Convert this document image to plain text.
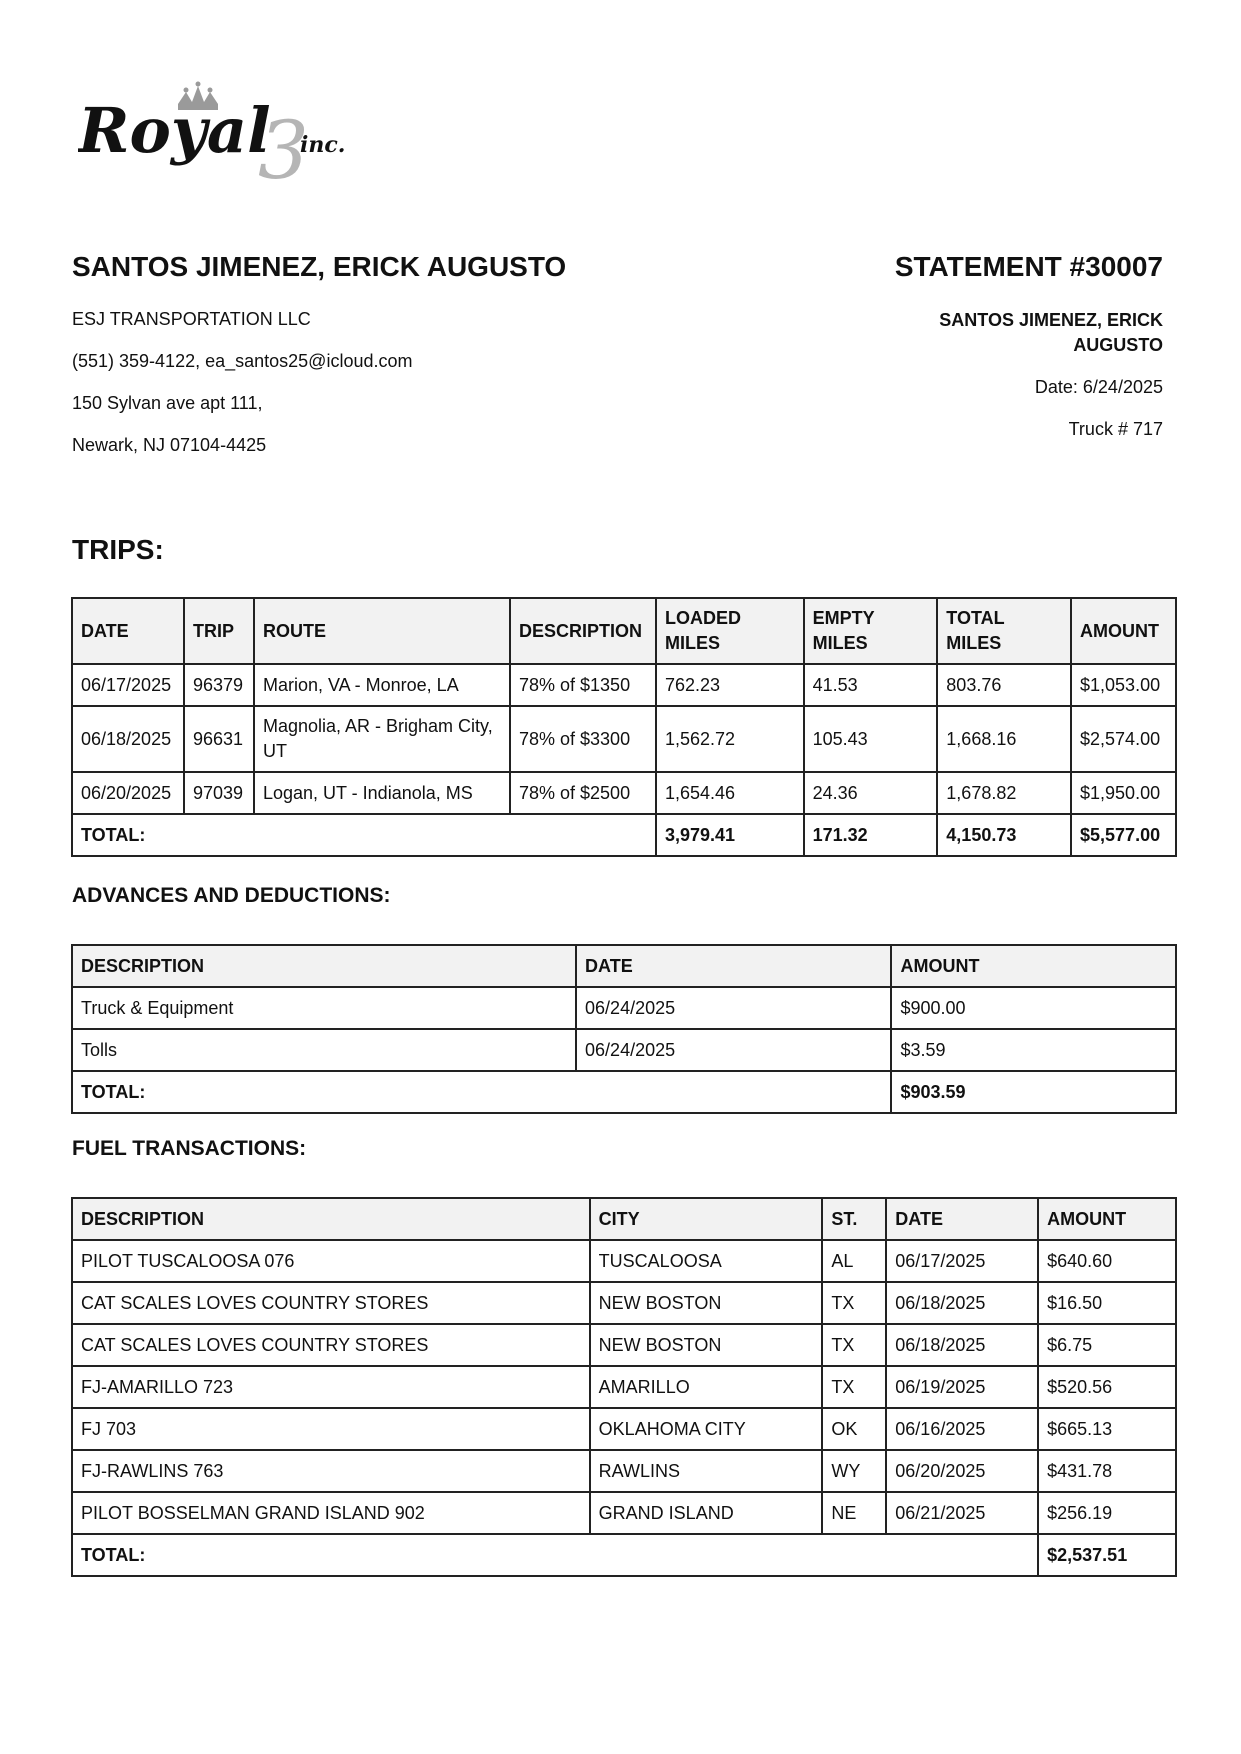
Royal
3
inc.
SANTOS JIMENEZ, ERICK AUGUSTO

ESJ TRANSPORTATION LLC

(551) 359-4122, ea_santos25@icloud.com

150 Sylvan ave apt 111,

Newark, NJ 07104-4425

STATEMENT #30007
SANTOS JIMENEZ, ERICK AUGUSTO
Date: 6/24/2025
Truck # 717
TRIPS:
DATE	TRIP	ROUTE	DESCRIPTION	LOADED MILES	EMPTY MILES	TOTAL MILES	AMOUNT
06/17/2025	96379	Marion, VA - Monroe, LA	78% of $1350	762.23	41.53	803.76	$1,053.00
06/18/2025	96631	Magnolia, AR - Brigham City, UT	78% of $3300	1,562.72	105.43	1,668.16	$2,574.00
06/20/2025	97039	Logan, UT - Indianola, MS	78% of $2500	1,654.46	24.36	1,678.82	$1,950.00
TOTAL:				3,979.41	171.32	4,150.73	$5,577.00
ADVANCES AND DEDUCTIONS:
DESCRIPTION	DATE	AMOUNT
Truck & Equipment	06/24/2025	$900.00
Tolls	06/24/2025	$3.59
TOTAL:		$903.59
FUEL TRANSACTIONS:
DESCRIPTION	CITY	ST.	DATE	AMOUNT
PILOT TUSCALOOSA 076	TUSCALOOSA	AL	06/17/2025	$640.60
CAT SCALES LOVES COUNTRY STORES	NEW BOSTON	TX	06/18/2025	$16.50
CAT SCALES LOVES COUNTRY STORES	NEW BOSTON	TX	06/18/2025	$6.75
FJ-AMARILLO 723	AMARILLO	TX	06/19/2025	$520.56
FJ 703	OKLAHOMA CITY	OK	06/16/2025	$665.13
FJ-RAWLINS 763	RAWLINS	WY	06/20/2025	$431.78
PILOT BOSSELMAN GRAND ISLAND 902	GRAND ISLAND	NE	06/21/2025	$256.19
TOTAL:				$2,537.51
